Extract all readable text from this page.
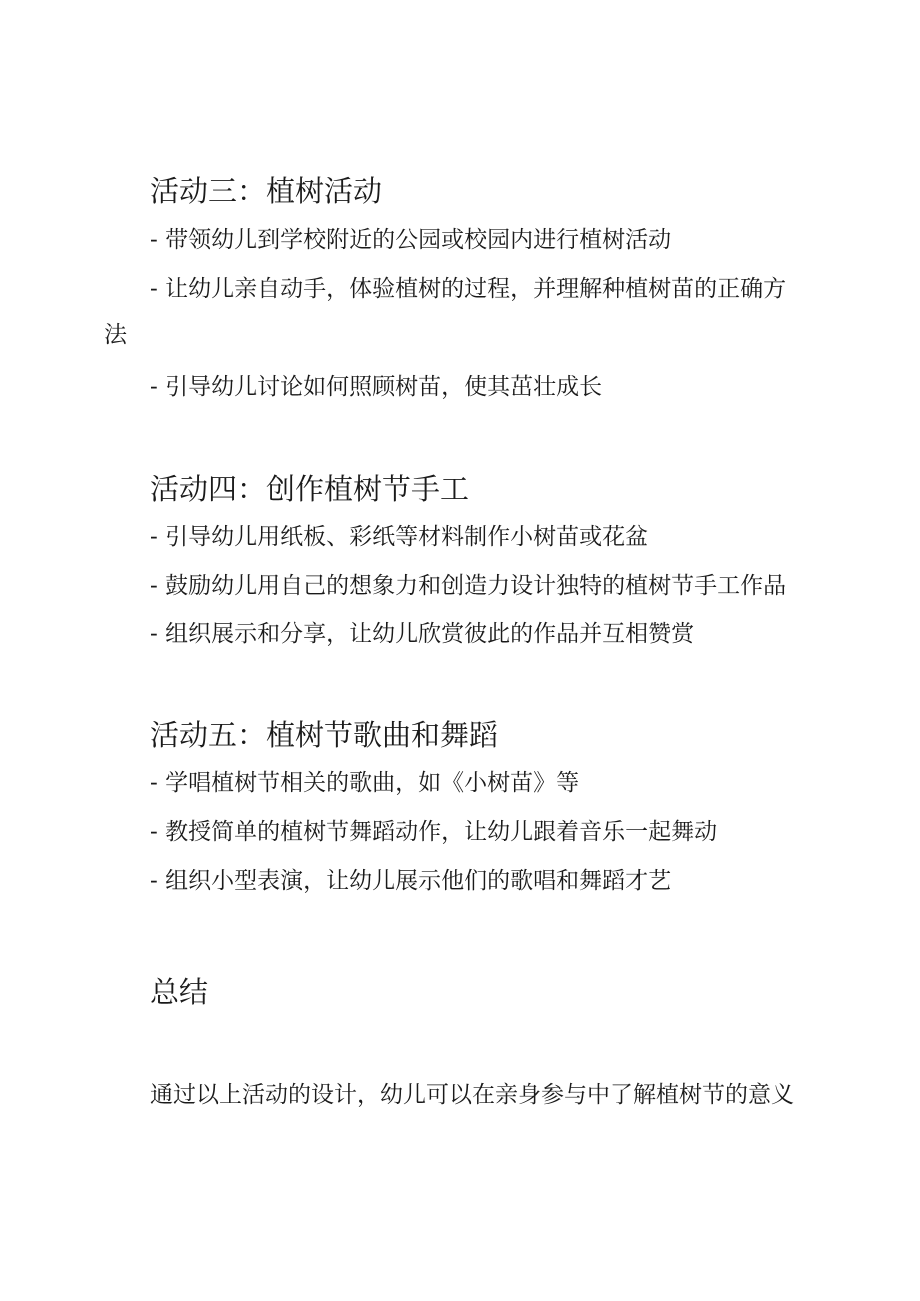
活动三：植树活动

- 带领幼儿到学校附近的公园或校园内进行植树活动

- 让幼儿亲自动手，体验植树的过程，并理解种植树苗的正确方法

- 引导幼儿讨论如何照顾树苗，使其茁壮成长

活动四：创作植树节手工

- 引导幼儿用纸板、彩纸等材料制作小树苗或花盆

- 鼓励幼儿用自己的想象力和创造力设计独特的植树节手工作品

- 组织展示和分享，让幼儿欣赏彼此的作品并互相赞赏

活动五：植树节歌曲和舞蹈

- 学唱植树节相关的歌曲，如《小树苗》等

- 教授简单的植树节舞蹈动作，让幼儿跟着音乐一起舞动

- 组织小型表演，让幼儿展示他们的歌唱和舞蹈才艺

总结

通过以上活动的设计，幼儿可以在亲身参与中了解植树节的意义
